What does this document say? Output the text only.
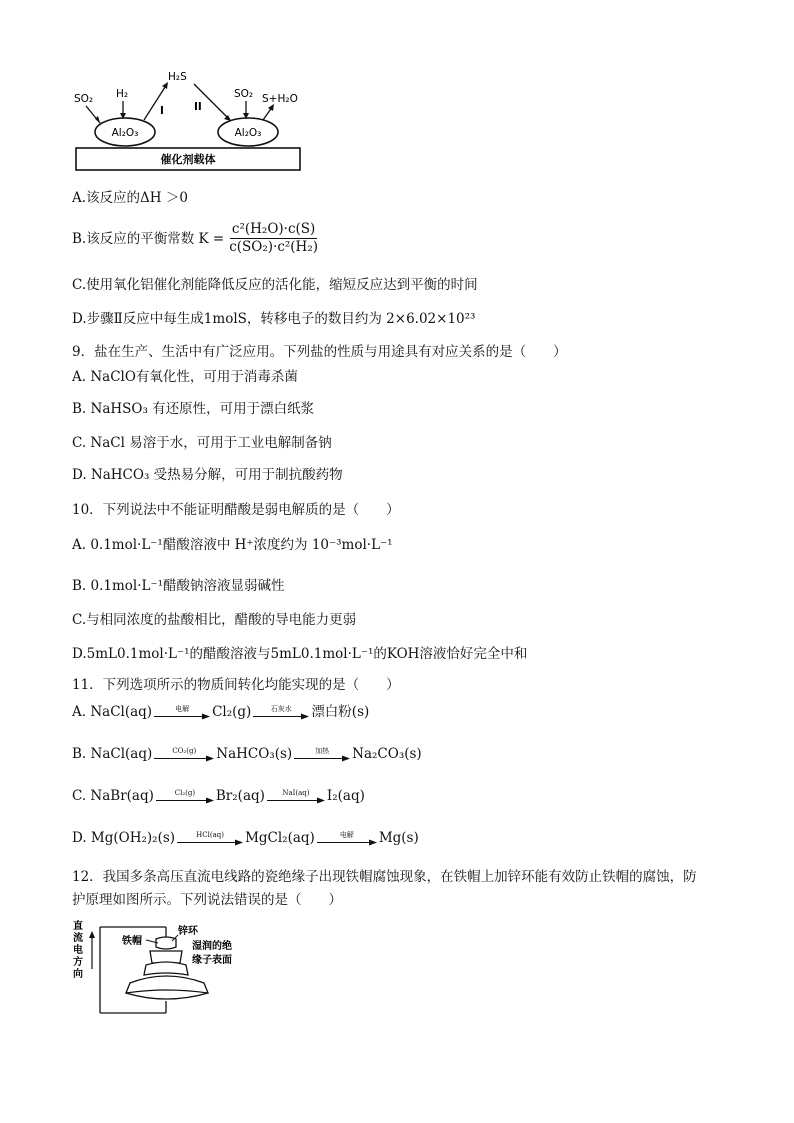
催化剂载体
Al₂O₃	Al₂O₃
SO₂ H₂
I
H₂S
II
SO₂ S+H₂O
A.该反应的ΔH ＞0
B.该反应的平衡常数 $K = \frac{\text{c²(H₂O)·c(S)}}{\text{c(SO₂)·c²(H₂)}}$
C.使用氧化铝催化剂能降低反应的活化能，缩短反应达到平衡的时间
D.步骤Ⅱ反应中每生成1molS，转移电子的数目约为 2×6.02×10²³
9．盐在生产、生活中有广泛应用。下列盐的性质与用途具有对应关系的是（　　）
A. NaClO有氧化性，可用于消毒杀菌
B. NaHSO₃ 有还原性，可用于漂白纸浆
C. NaCl 易溶于水，可用于工业电解制备钠
D. NaHCO₃ 受热易分解，可用于制抗酸药物
10．下列说法中不能证明醋酸是弱电解质的是（　　）
A. 0.1mol·L⁻¹醋酸溶液中 H⁺浓度约为 10⁻³mol·L⁻¹
B. 0.1mol·L⁻¹醋酸钠溶液显弱碱性
C.与相同浓度的盐酸相比，醋酸的导电能力更弱
D.5mL0.1mol·L⁻¹的醋酸溶液与5mL0.1mol·L⁻¹的KOH溶液恰好完全中和
11．下列选项所示的物质间转化均能实现的是（　　）
A. NaCl(aq)	电解 Cl₂(g)	石灰水 漂白粉(s)
B. NaCl(aq)	CO₂(g) NaHCO₃(s)	加热 Na₂CO₃(s)
C. NaBr(aq)	Cl₂(g) Br₂(aq) NaI(aq) I₂(aq)
D. Mg(OH₂)₂(s)	HCl(aq) MgCl₂(aq)	电解 Mg(s)
12．我国多条高压直流电线路的瓷绝缘子出现铁帽腐蚀现象，在铁帽上加锌环能有效防止铁帽的腐蚀，防
护原理如图所示。下列说法错误的是（　　）
直流电方向
铁帽
锌环
湿润的绝
缘子表面
